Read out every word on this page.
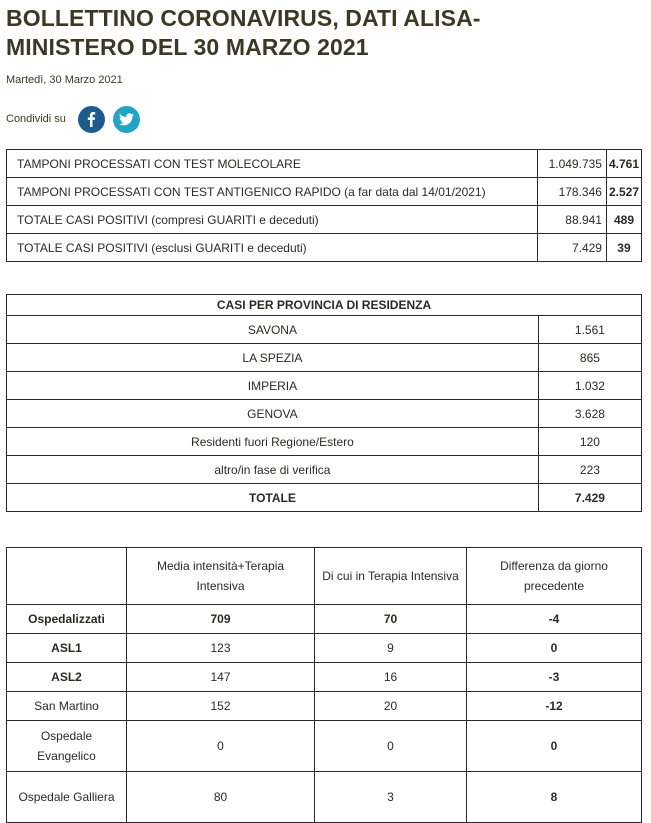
BOLLETTINO CORONAVIRUS, DATI ALISA-MINISTERO DEL 30 MARZO 2021
Martedì, 30 Marzo 2021
Condividi su
TAMPONI PROCESSATI CON TEST MOLECOLARE	1.049.735	4.761
TAMPONI PROCESSATI CON TEST ANTIGENICO RAPIDO (a far data dal 14/01/2021)	178.346	2.527
TOTALE CASI POSITIVI (compresi GUARITI e deceduti)	88.941	489
TOTALE CASI POSITIVI (esclusi GUARITI e deceduti)	7.429	39
CASI PER PROVINCIA DI RESIDENZA	
SAVONA	1.561
LA SPEZIA	865
IMPERIA	1.032
GENOVA	3.628
Residenti fuori Regione/Estero	120
altro/in fase di verifica	223
TOTALE	7.429
	Media intensità+Terapia Intensiva	Di cui in Terapia Intensiva	Differenza da giorno precedente
Ospedalizzati	709	70	-4
ASL1	123	9	0
ASL2	147	16	-3
San Martino	152	20	-12
Ospedale Evangelico	0	0	0
Ospedale Galliera	80	3	8
